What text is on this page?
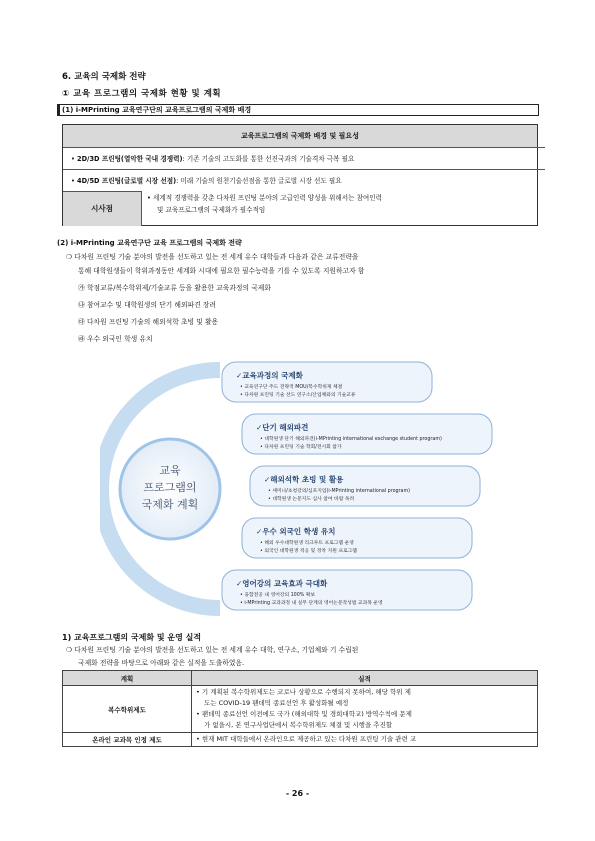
6. 교육의 국제화 전략
① 교육 프로그램의 국제화 현황 및 계획
(1) i-MPrinting 교육연구단의 교육프로그램의 국제화 배경
교육프로그램의 국제화 배경 및 필요성
• 2D/3D 프린팅(열악한 국내 경쟁력): 기존 기술의 고도화를 통한 선진국과의 기술격차 극복 필요
• 4D/5D 프린팅(글로벌 시장 선점): 미래 기술의 원천기술선점을 통한 글로벌 시장 선도 필요
시사점
• 세계적 경쟁력을 갖춘 다차원 프린팅 분야의 고급인력 양성을 위해서는 참여인력
및 교육프로그램의 국제화가 필수적임
(2) i-MPrinting 교육연구단 교육 프로그램의 국제화 전략
❍ 다차원 프린팅 기술 분야의 발전을 선도하고 있는 전 세계 유수 대학들과 다음과 같은 교류전략을
통해 대학원생들이 학위과정동안 세계화 시대에 필요한 필수능력을 기를 수 있도록 지원하고자 함
㉮ 학점교류/복수학위제/기술교류 등을 활용한 교육과정의 국제화
㉯ 참여교수 및 대학원생의 단기 해외파견 장려
㉰ 다차원 프린팅 기술의 해외석학 초빙 및 활용
㉱ 우수 외국인 학생 유치
교육
프로그램의
국제화 계획
✓교육과정의 국제화
• 교육연구단 주도 전략적 MOU/복수학위제 체결
• 다차원 프린팅 기술 선도 연구소/산업체와의 기술교류
✓단기 해외파견
• 대학원생 단기 해외파견(i-MPrinting international exchange student program)
• 다차원 프린팅 기술 학회/전시회 참가
✓해외석학 초빙 및 활용
• 세미나/초청강의/심포지엄(i-MPrinting international program)
• 대학원생 논문지도 심사 참여 바람 독려
✓우수 외국인 학생 유치
• 해외 우수대학원생 리크루트 프로그램 운영
• 외국인 대학원생 적응 및 정착 지원 프로그램
✓영어강의 교육효과 극대화
• 융합전공 내 영어강의 100% 확보
• i-MPrinting 교과과정 내 실무 단계의 영어논문작성법 교과목 운영
1) 교육프로그램의 국제화 및 운영 실적
❍ 다차원 프린팅 기술 분야의 발전을 선도하고 있는 전 세계 유수 대학, 연구소, 기업체와 기 수립된
국제화 전략을 바탕으로 아래와 같은 실적을 도출하였음.
계획	실적
복수학위제도	• 기 계획된 복수학위제도는 코로나 상황으로 수행되지 못하여, 해당 학위 제
도는 COVID-19 팬데믹 종료선언 후 활성화될 예정
• 팬데믹 종료선언 이전에도 국가 (해외대학 및 경희대학교) 방역수칙에 문제
가 없을시, 본 연구사업단에서 복수학위제도 체결 및 시행을 추진할

온라인 교과목 인정 제도	• 현재 MIT 대학들에서 온라인으로 제공하고 있는 다차원 프린팅 기술 관련 교
- 26 -
